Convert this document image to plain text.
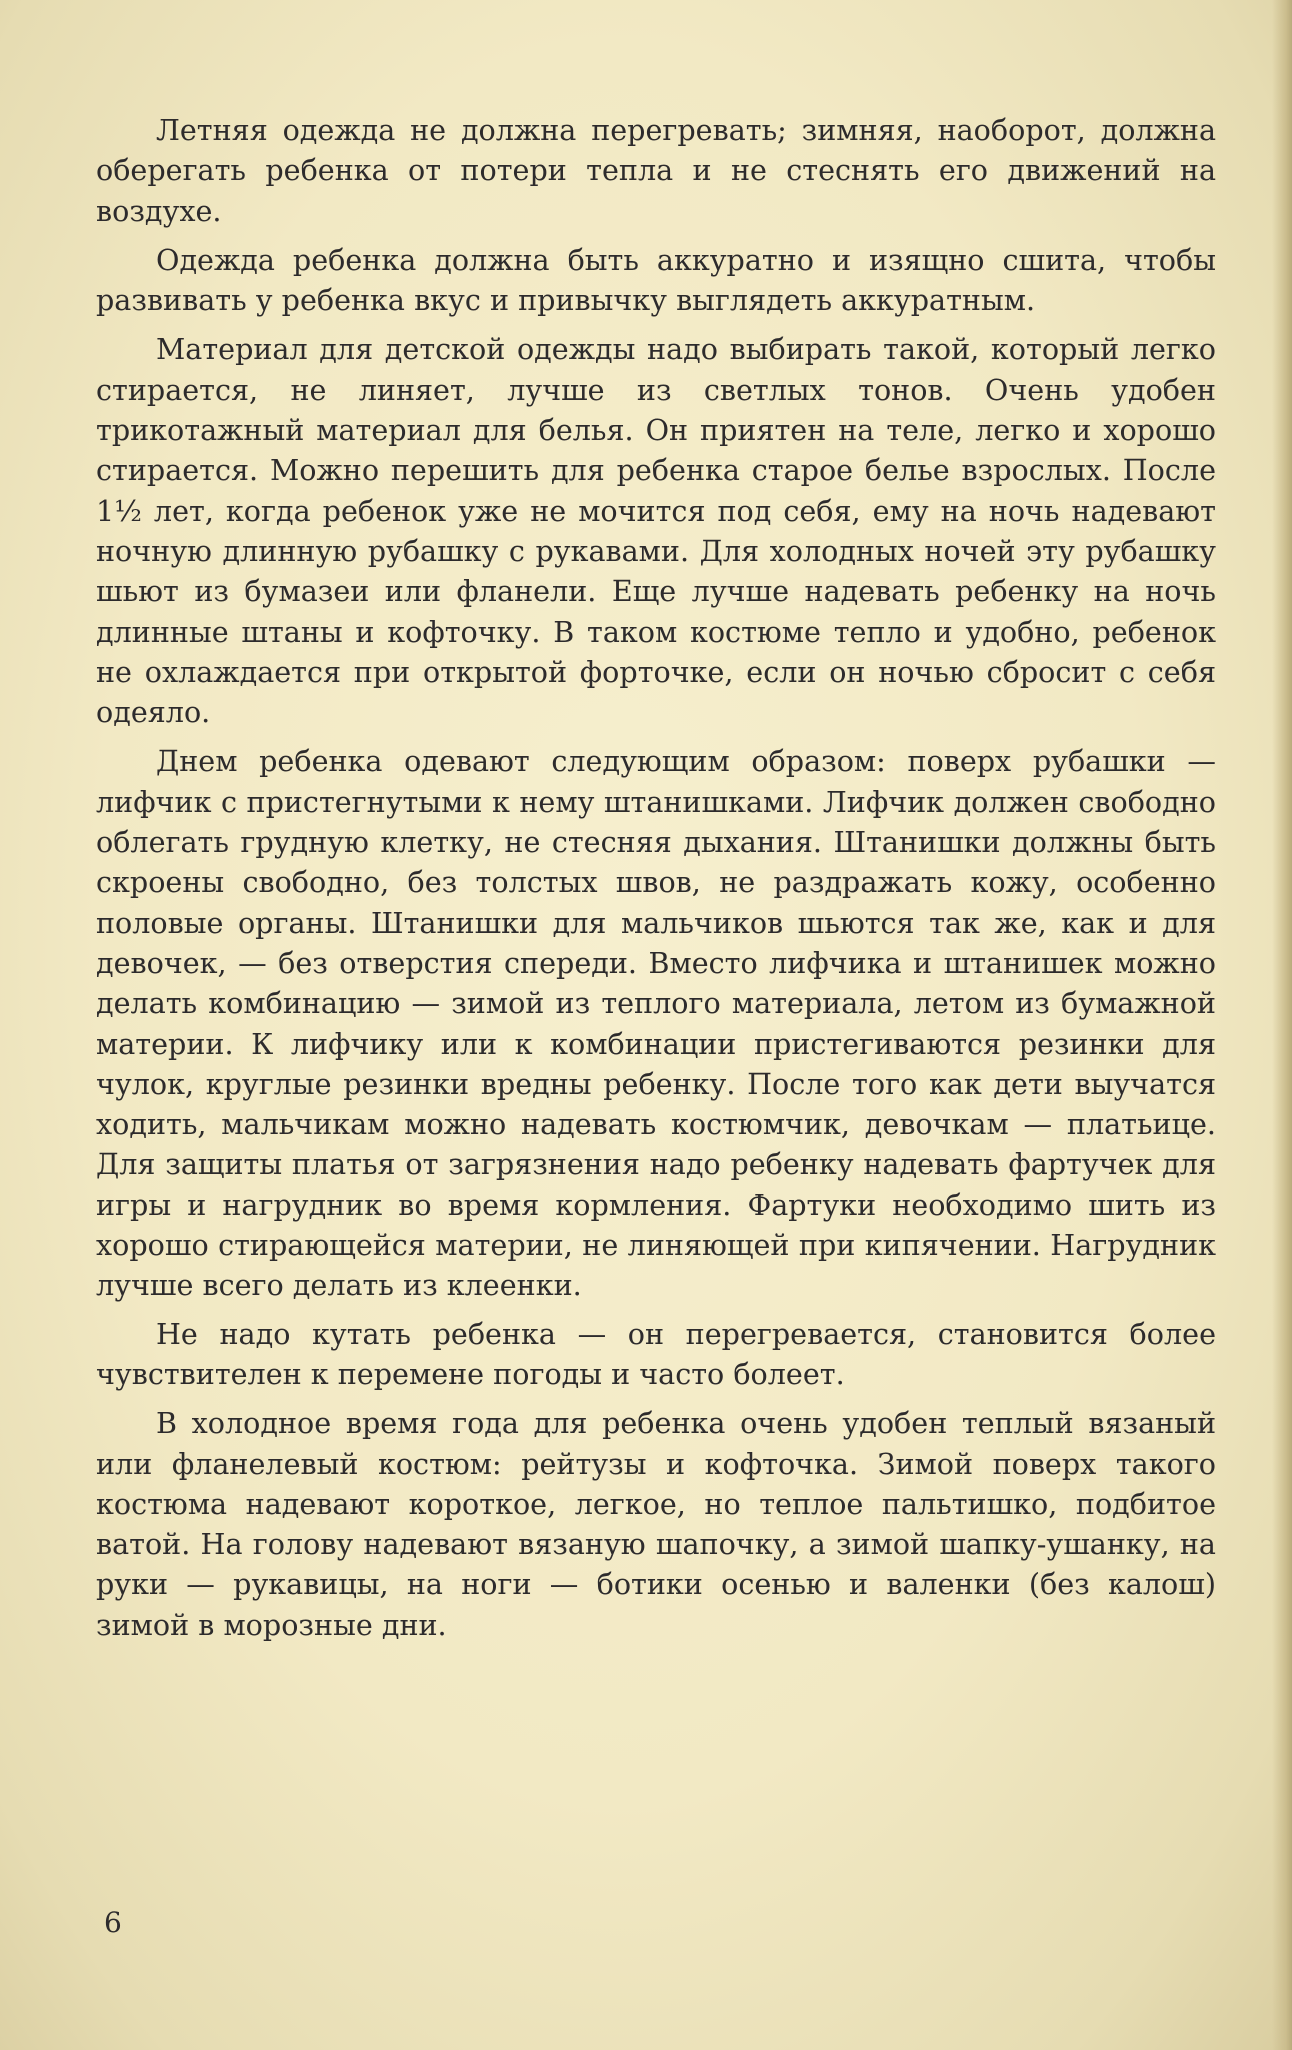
Летняя одежда не должна перегревать; зимняя, наоборот, должна оберегать ребенка от потери тепла и не стеснять его движений на воздухе.

Одежда ребенка должна быть аккуратно и изящно сшита, чтобы развивать у ребенка вкус и привычку выглядеть аккуратным.

Материал для детской одежды надо выбирать такой, который легко стирается, не линяет, лучше из светлых тонов. Очень удобен трикотажный материал для белья. Он приятен на теле, легко и хорошо стирается. Можно перешить для ребенка старое белье взрослых. После 1½ лет, когда ребенок уже не мочится под себя, ему на ночь надевают ночную длинную рубашку с рукавами. Для холодных ночей эту рубашку шьют из бумазеи или фланели. Еще лучше надевать ребенку на ночь длинные штаны и кофточку. В таком костюме тепло и удобно, ребенок не охлаждается при открытой форточке, если он ночью сбросит с себя одеяло.

Днем ребенка одевают следующим образом: поверх рубашки — лифчик с пристегнутыми к нему штанишками. Лифчик должен свободно облегать грудную клетку, не стесняя дыхания. Штанишки должны быть скроены свободно, без толстых швов, не раздражать кожу, особенно половые органы. Штанишки для мальчиков шьются так же, как и для девочек, — без отверстия спереди. Вместо лифчика и штанишек можно делать комбинацию — зимой из теплого материала, летом из бумажной материи. К лифчику или к комбинации пристегиваются резинки для чулок, круглые резинки вредны ребенку. После того как дети выучатся ходить, мальчикам можно надевать костюмчик, девочкам — платьице. Для защиты платья от загрязнения надо ребенку надевать фартучек для игры и нагрудник во время кормления. Фартуки необходимо шить из хорошо стирающейся материи, не линяющей при кипячении. Нагрудник лучше всего делать из клеенки.

Не надо кутать ребенка — он перегревается, становится более чувствителен к перемене погоды и часто болеет.

В холодное время года для ребенка очень удобен теплый вязаный или фланелевый костюм: рейтузы и кофточка. Зимой поверх такого костюма надевают короткое, легкое, но теплое пальтишко, подбитое ватой. На голову надевают вязаную шапочку, а зимой шапку-ушанку, на руки — рукавицы, на ноги — ботики осенью и валенки (без калош) зимой в морозные дни.

6
